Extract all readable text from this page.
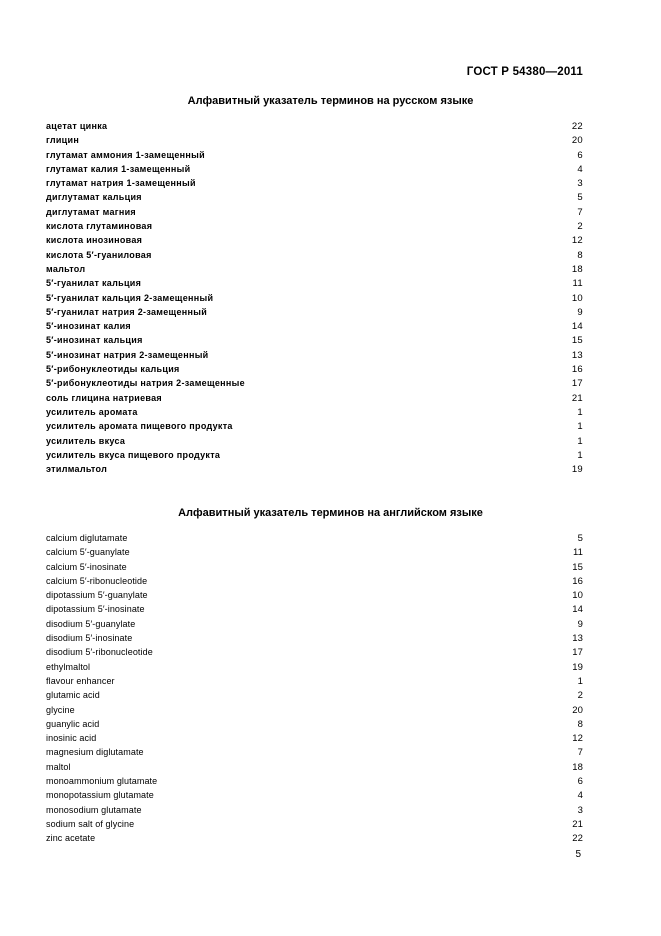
ГОСТ Р 54380—2011
Алфавитный указатель терминов на русском языке
ацетат цинка	22
глицин	20
глутамат аммония 1-замещенный	6
глутамат калия 1-замещенный	4
глутамат натрия 1-замещенный	3
диглутамат кальция	5
диглутамат магния	7
кислота глутаминовая	2
кислота инозиновая	12
кислота 5′-гуаниловая	8
мальтол	18
5′-гуанилат кальция	11
5′-гуанилат кальция 2-замещенный	10
5′-гуанилат натрия 2-замещенный	9
5′-инозинат калия	14
5′-инозинат кальция	15
5′-инозинат натрия 2-замещенный	13
5′-рибонуклеотиды кальция	16
5′-рибонуклеотиды натрия 2-замещенные	17
соль глицина натриевая	21
усилитель аромата	1
усилитель аромата пищевого продукта	1
усилитель вкуса	1
усилитель вкуса пищевого продукта	1
этилмальтол	19
Алфавитный указатель терминов на английском языке
calcium diglutamate	5
calcium 5′-guanylate	11
calcium 5′-inosinate	15
calcium 5′-ribonucleotide	16
dipotassium 5′-guanylate	10
dipotassium 5′-inosinate	14
disodium 5′-guanylate	9
disodium 5′-inosinate	13
disodium 5′-ribonucleotide	17
ethylmaltol	19
flavour enhancer	1
glutamic acid	2
glycine	20
guanylic acid	8
inosinic acid	12
magnesium diglutamate	7
maltol	18
monoammonium glutamate	6
monopotassium glutamate	4
monosodium glutamate	3
sodium salt of glycine	21
zinc acetate	22
5
